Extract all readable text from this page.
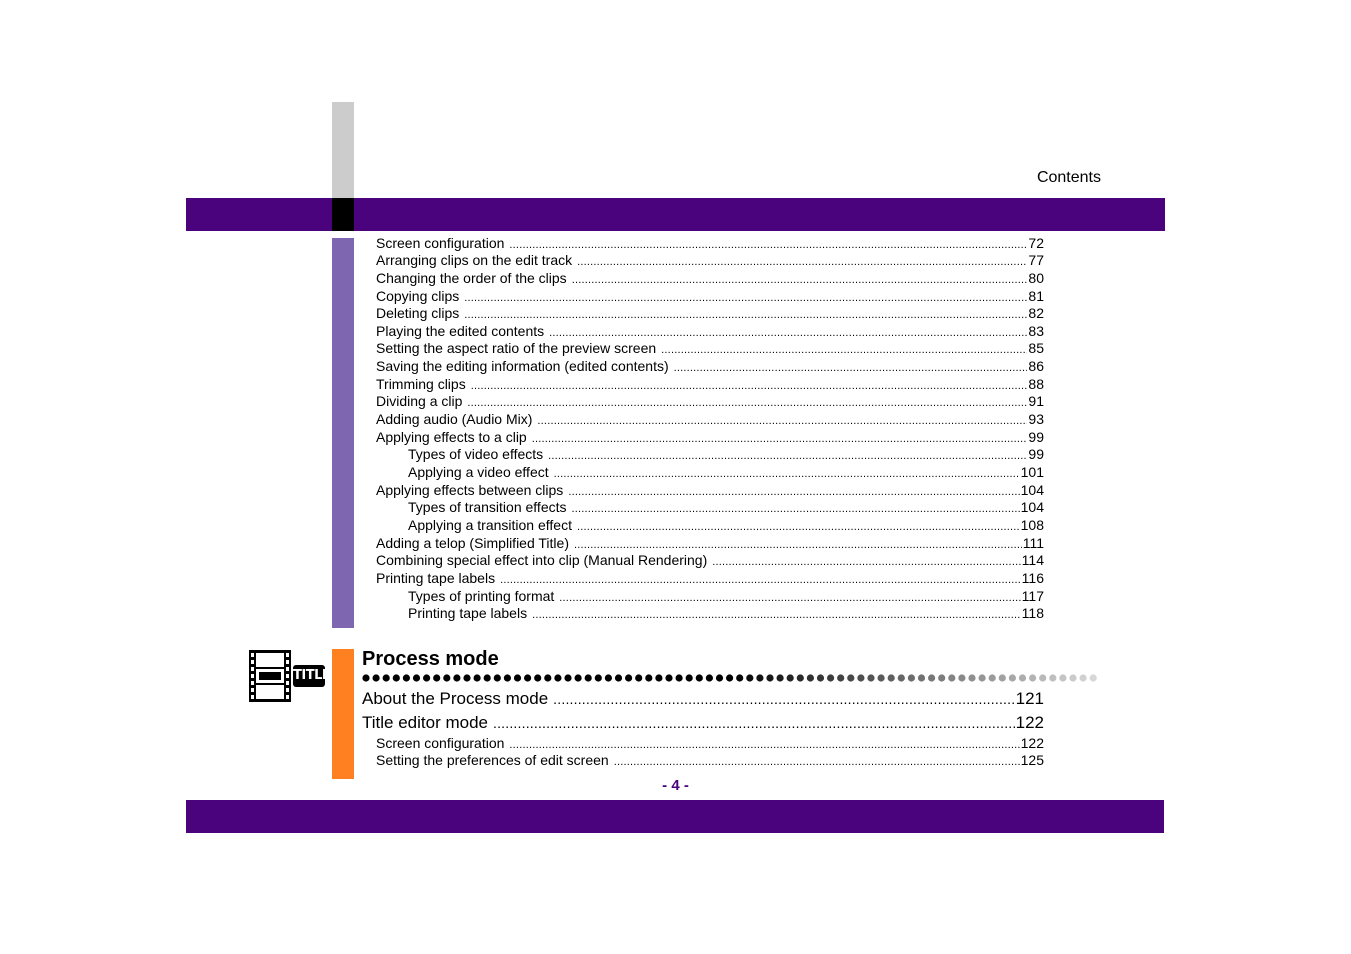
Contents
Screen configuration .....	72
Arranging clips on the edit track .....	77
Changing the order of the clips .....	80
Copying clips .....	81
Deleting clips .....	82
Playing the edited contents .....	83
Setting the aspect ratio of the preview screen .....	85
Saving the editing information (edited contents) .....	86
Trimming clips .....	88
Dividing a clip .....	91
Adding audio (Audio Mix) .....	93
Applying effects to a clip .....	99
Types of video effects .....	99
Applying a video effect .....	101
Applying effects between clips .....	104
Types of transition effects .....	104
Applying a transition effect .....	108
Adding a telop (Simplified Title) .....	111
Combining special effect into clip (Manual Rendering) .....	114
Printing tape labels .....	116
Types of printing format .....	117
Printing tape labels .....	118
TITLE
Process mode
About the Process mode .....	121
Title editor mode .....	122
Screen configuration .....	122
Setting the preferences of edit screen .....	125
- 4 -
